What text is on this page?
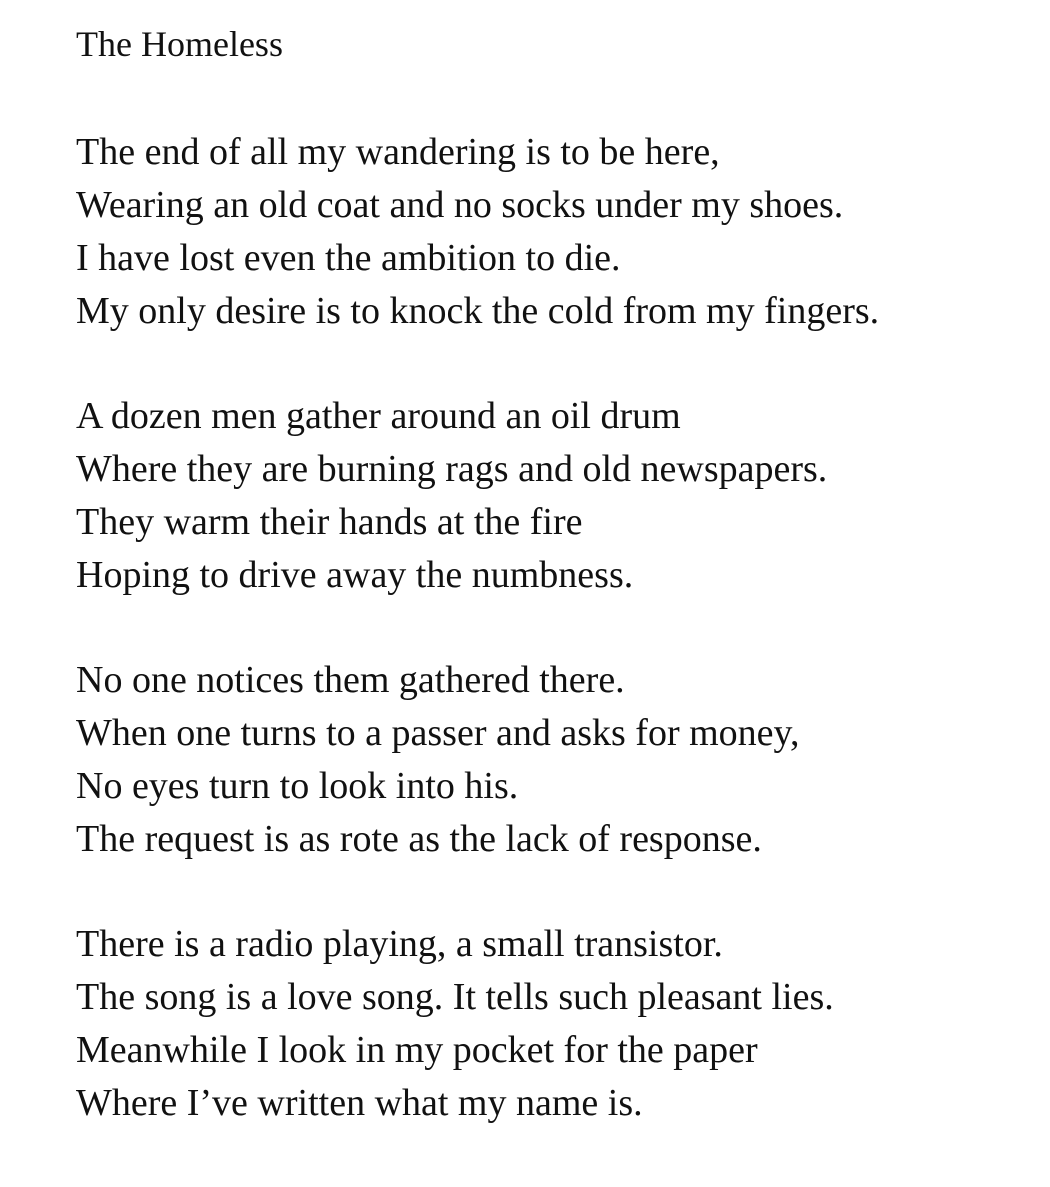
The Homeless
The end of all my wandering is to be here,
Wearing an old coat and no socks under my shoes.
I have lost even the ambition to die.
My only desire is to knock the cold from my fingers.
A dozen men gather around an oil drum
Where they are burning rags and old newspapers.
They warm their hands at the fire
Hoping to drive away the numbness.
No one notices them gathered there.
When one turns to a passer and asks for money,
No eyes turn to look into his.
The request is as rote as the lack of response.
There is a radio playing, a small transistor.
The song is a love song. It tells such pleasant lies.
Meanwhile I look in my pocket for the paper
Where I’ve written what my name is.
